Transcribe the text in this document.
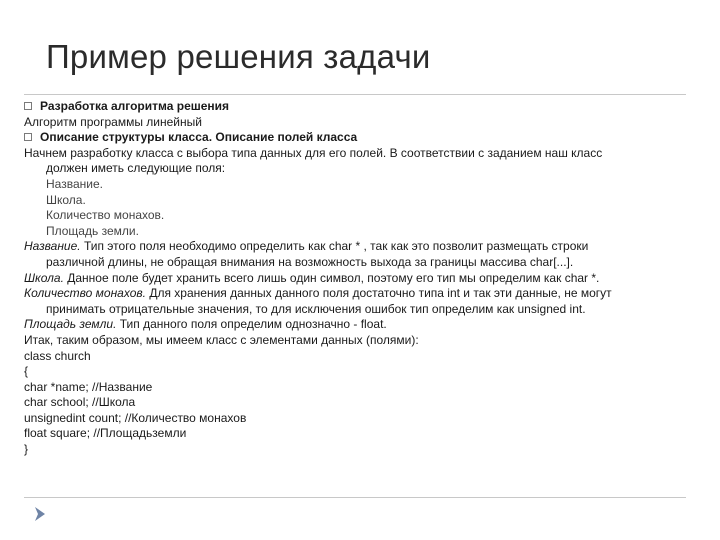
Пример решения задачи
Разработка алгоритма решения
Алгоритм программы линейный
Описание структуры класса. Описание полей класса
Начнем разработку класса с выбора типа данных для его полей. В соответствии с заданием наш класс
должен иметь следующие поля:
Название.
Школа.
Количество монахов.
Площадь земли.
Название. Тип этого поля необходимо определить как char * , так как это позволит размещать строки
различной длины, не обращая внимания на возможность выхода за границы массива char[...].
Школа. Данное поле будет хранить всего лишь один символ, поэтому его тип мы определим как char *.
Количество монахов. Для хранения данных данного поля достаточно типа int и так эти данные, не могут
принимать отрицательные значения, то для исключения ошибок тип определим как unsigned int.
Площадь земли. Тип данного поля определим однозначно - float.
Итак, таким образом, мы имеем класс с элементами данных (полями):
class church
{
char *name; //Название
char school; //Школа
unsignedint count; //Количество монахов
float square; //Площадьземли
}
